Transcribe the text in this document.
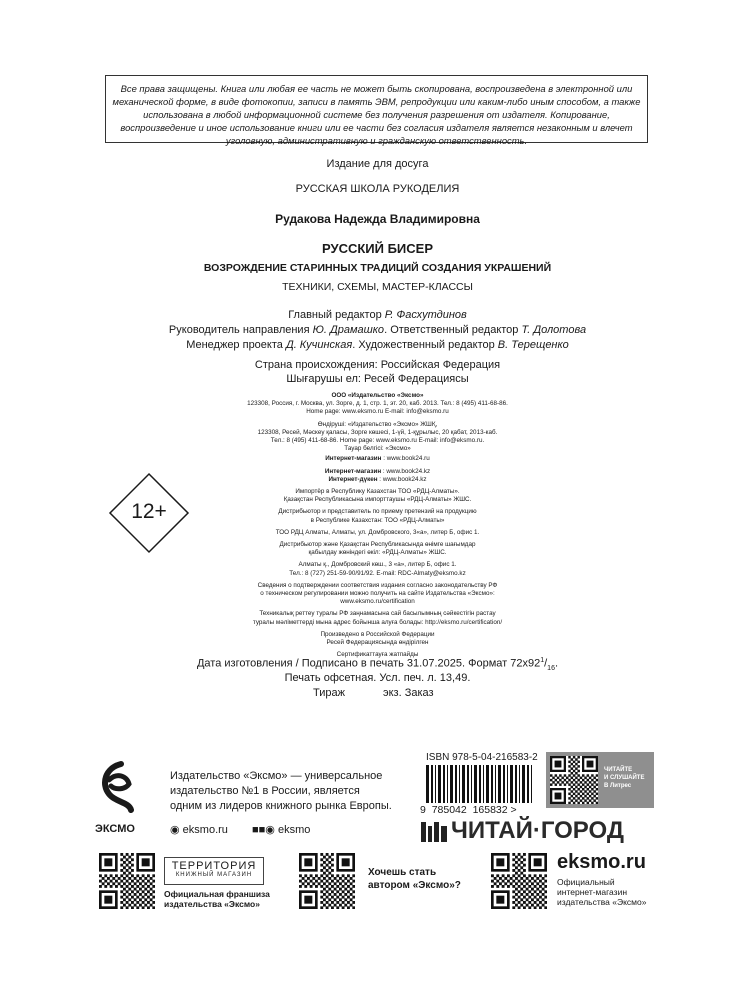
Все права защищены. Книга или любая ее часть не может быть скопирована, воспроизведена в электронной или механической форме, в виде фотокопии, записи в память ЭВМ, репродукции или каким-либо иным способом, а также использована в любой информационной системе без получения разрешения от издателя. Копирование, воспроизведение и иное использование книги или ее части без согласия издателя является незаконным и влечет уголовную, административную и гражданскую ответственность.
Издание для досуга
РУССКАЯ ШКОЛА РУКОДЕЛИЯ
Рудакова Надежда Владимировна
РУССКИЙ БИСЕР
ВОЗРОЖДЕНИЕ СТАРИННЫХ ТРАДИЦИЙ СОЗДАНИЯ УКРАШЕНИЙ
ТЕХНИКИ, СХЕМЫ, МАСТЕР-КЛАССЫ
Главный редактор Р. Фасхутдинов
Руководитель направления Ю. Драмашко. Ответственный редактор Т. Долотова
Менеджер проекта Д. Кучинская. Художественный редактор В. Терещенко
Страна происхождения: Российская Федерация
Шығарушы ел: Ресей Федерациясы
ООО «Издательство «Эксмо»
123308, Россия, г. Москва, ул. Зорге, д. 1, стр. 1, эт. 20, каб. 2013. Тел.: 8 (495) 411-68-86.
Home page: www.eksmo.ru E-mail: info@eksmo.ru
Өндіруші: «Издательство «Эксмо» ЖШҚ,
123308, Ресей, Мәскеу қаласы, Зорге көшесі, 1-үй, 1-құрылыс, 20 қабат, 2013-каб.
Тел.: 8 (495) 411-68-86. Home page: www.eksmo.ru E-mail: info@eksmo.ru.
Тауар белгісі: «Эксмо»
Интернет-магазин : www.book24.ru
Интернет-магазин : www.book24.kz
Интернет-дүкен : www.book24.kz
Импортёр в Республику Казахстан ТОО «РДЦ-Алматы».
Қазақстан Республикасына импорттаушы «РДЦ-Алматы» ЖШС.
Дистрибьютор и представитель по приему претензий на продукцию
в Республике Казахстан: ТОО «РДЦ-Алматы»
ТОО РДЦ Алматы, Алматы, ул. Домбровского, 3«а», литер Б, офис 1.
Дистрибьютор және Қазақстан Республикасында өнімге шағымдар
қабылдау жөніндегі өкіл: «РДЦ-Алматы» ЖШС.
Алматы қ., Домбровский көш., 3 «а», литер Б, офис 1.
Тел.: 8 (727) 251-59-90/91/92. E-mail: RDC-Almaty@eksmo.kz
Сведения о подтверждении соответствия издания согласно законодательству РФ
о техническом регулировании можно получить на сайте Издательства «Эксмо»:
www.eksmo.ru/certification
Техникалық реттеу туралы РФ заңнамасына сай басылымның сәйкестігін растау
туралы мәліметтерді мына адрес бойынша алуға болады: http://eksmo.ru/certification/
Произведено в Российской Федерации
Ресей Федерациясында өндірілген
Сертификаттауға жатпайды
12+
Дата изготовления / Подписано в печать 31.07.2025. Формат $72х92^1/_{16}$.
Печать офсетная. Усл. печ. л. 13,49.
Тираж	экз. Заказ
ЭКСМО
Издательство «Эксмо» — универсальное
издательство №1 в России, является
одним из лидеров книжного рынка Европы.
◉ eksmo.ru ■■◉ eksmo
ISBN 978-5-04-216583-2
9 785042 165832 >
ЧИТАЙТЕ
И СЛУШАЙТЕ
В Литрес
ЧИТАЙ·ГОРОД
ТЕРРИТОРИЯ
КНИЖНЫЙ МАГАЗИН
Официальная франшиза
издательства «Эксмо»
Хочешь стать
автором «Эксмо»?
eksmo.ru
Официальный
интернет-магазин
издательства «Эксмо»
